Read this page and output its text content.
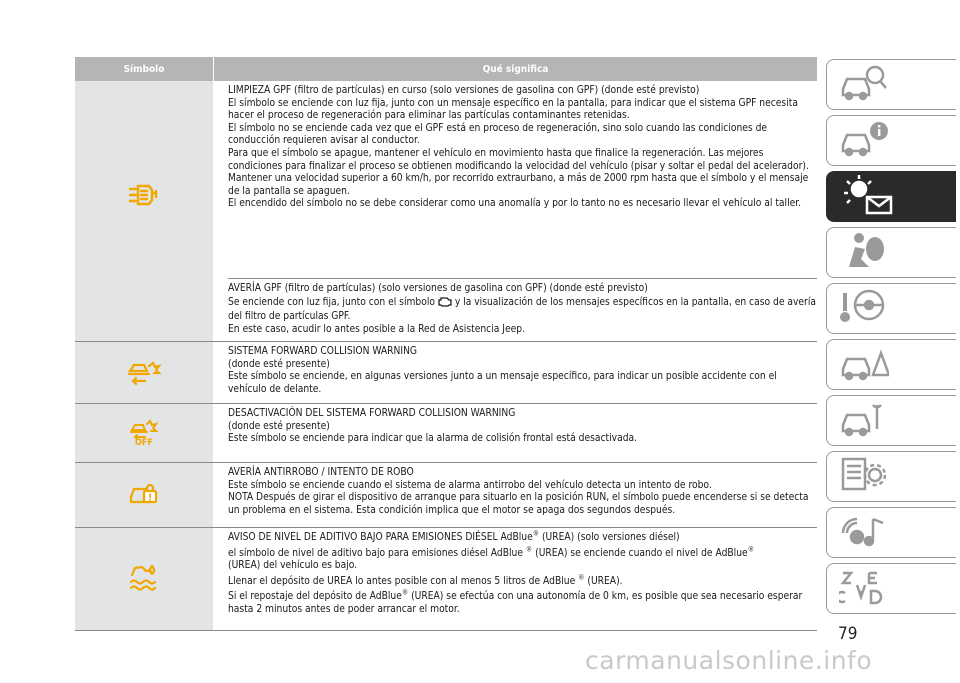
Símbolo	Qué significa

LIMPIEZA GPF (filtro de partículas) en curso (solo versiones de gasolina con GPF) (donde esté previsto)

El símbolo se enciende con luz fija, junto con un mensaje específico en la pantalla, para indicar que el sistema GPF necesita hacer el proceso de regeneración para eliminar las partículas contaminantes retenidas.

El símbolo no se enciende cada vez que el GPF está en proceso de regeneración, sino solo cuando las condiciones de conducción requieren avisar al conductor.

Para que el símbolo se apague, mantener el vehículo en movimiento hasta que finalice la regeneración. Las mejores condiciones para finalizar el proceso se obtienen modificando la velocidad del vehículo (pisar y soltar el pedal del acelerador).

Mantener una velocidad superior a 60 km/h, por recorrido extraurbano, a más de 2000 rpm hasta que el símbolo y el mensaje de la pantalla se apaguen.

El encendido del símbolo no se debe considerar como una anomalía y por lo tanto no es necesario llevar el vehículo al taller.

AVERÍA GPF (filtro de partículas) (solo versiones de gasolina con GPF) (donde esté previsto)

Se enciende con luz fija, junto con el símbolo y la visualización de los mensajes específicos en la pantalla, en caso de avería del filtro de partículas GPF.

En este caso, acudir lo antes posible a la Red de Asistencia Jeep.

SISTEMA FORWARD COLLISION WARNING

(donde esté presente)

Este símbolo se enciende, en algunas versiones junto a un mensaje específico, para indicar un posible accidente con el vehículo de delante.

OFF

DESACTIVACIÓN DEL SISTEMA FORWARD COLLISION WARNING

(donde esté presente)

Este símbolo se enciende para indicar que la alarma de colisión frontal está desactivada.

AVERÍA ANTIRROBO / INTENTO DE ROBO

Este símbolo se enciende cuando el sistema de alarma antirrobo del vehículo detecta un intento de robo.

NOTA Después de girar el dispositivo de arranque para situarlo en la posición RUN, el símbolo puede encenderse si se detecta un problema en el sistema. Esta condición implica que el motor se apaga dos segundos después.

AVISO DE NIVEL DE ADITIVO BAJO PARA EMISIONES DIÉSEL AdBlue® (UREA) (solo versiones diésel)

el símbolo de nivel de aditivo bajo para emisiones diésel AdBlue ® (UREA) se enciende cuando el nivel de AdBlue®
(UREA) del vehículo es bajo.

Llenar el depósito de UREA lo antes posible con al menos 5 litros de AdBlue ® (UREA).

Si el repostaje del depósito de AdBlue® (UREA) se efectúa con una autonomía de 0 km, es posible que sea necesario esperar hasta 2 minutos antes de poder arrancar el motor.

79
carmanualsonline.info
